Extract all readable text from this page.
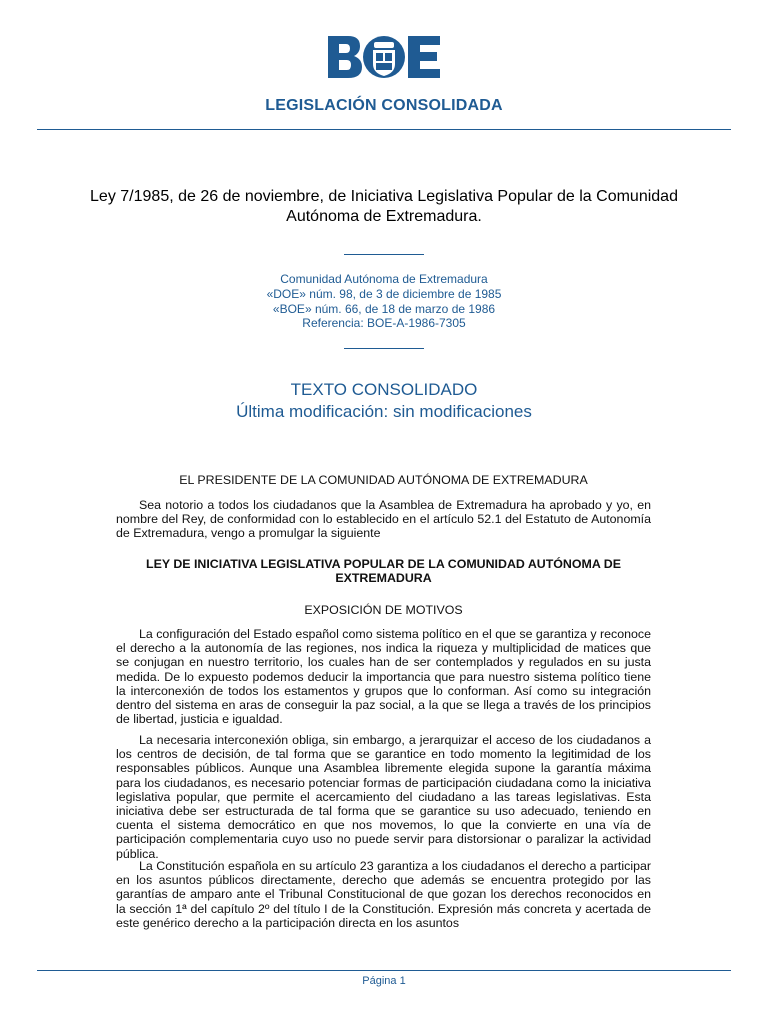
LEGISLACIÓN CONSOLIDADA
Ley 7/1985, de 26 de noviembre, de Iniciativa Legislativa Popular de la Comunidad Autónoma de Extremadura.
Comunidad Autónoma de Extremadura
«DOE» núm. 98, de 3 de diciembre de 1985
«BOE» núm. 66, de 18 de marzo de 1986
Referencia: BOE-A-1986-7305
TEXTO CONSOLIDADO
Última modificación: sin modificaciones
EL PRESIDENTE DE LA COMUNIDAD AUTÓNOMA DE EXTREMADURA
Sea notorio a todos los ciudadanos que la Asamblea de Extremadura ha aprobado y yo, en nombre del Rey, de conformidad con lo establecido en el artículo 52.1 del Estatuto de Autonomía de Extremadura, vengo a promulgar la siguiente
LEY DE INICIATIVA LEGISLATIVA POPULAR DE LA COMUNIDAD AUTÓNOMA DE EXTREMADURA
EXPOSICIÓN DE MOTIVOS
La configuración del Estado español como sistema político en el que se garantiza y reconoce el derecho a la autonomía de las regiones, nos indica la riqueza y multiplicidad de matices que se conjugan en nuestro territorio, los cuales han de ser contemplados y regulados en su justa medida. De lo expuesto podemos deducir la importancia que para nuestro sistema político tiene la interconexión de todos los estamentos y grupos que lo conforman. Así como su integración dentro del sistema en aras de conseguir la paz social, a la que se llega a través de los principios de libertad, justicia e igualdad.
La necesaria interconexión obliga, sin embargo, a jerarquizar el acceso de los ciudadanos a los centros de decisión, de tal forma que se garantice en todo momento la legitimidad de los responsables públicos. Aunque una Asamblea libremente elegida supone la garantía máxima para los ciudadanos, es necesario potenciar formas de participación ciudadana como la iniciativa legislativa popular, que permite el acercamiento del ciudadano a las tareas legislativas. Esta iniciativa debe ser estructurada de tal forma que se garantice su uso adecuado, teniendo en cuenta el sistema democrático en que nos movemos, lo que la convierte en una vía de participación complementaria cuyo uso no puede servir para distorsionar o paralizar la actividad pública.
La Constitución española en su artículo 23 garantiza a los ciudadanos el derecho a participar en los asuntos públicos directamente, derecho que además se encuentra protegido por las garantías de amparo ante el Tribunal Constitucional de que gozan los derechos reconocidos en la sección 1ª del capítulo 2º del título I de la Constitución. Expresión más concreta y acertada de este genérico derecho a la participación directa en los asuntos
Página 1
